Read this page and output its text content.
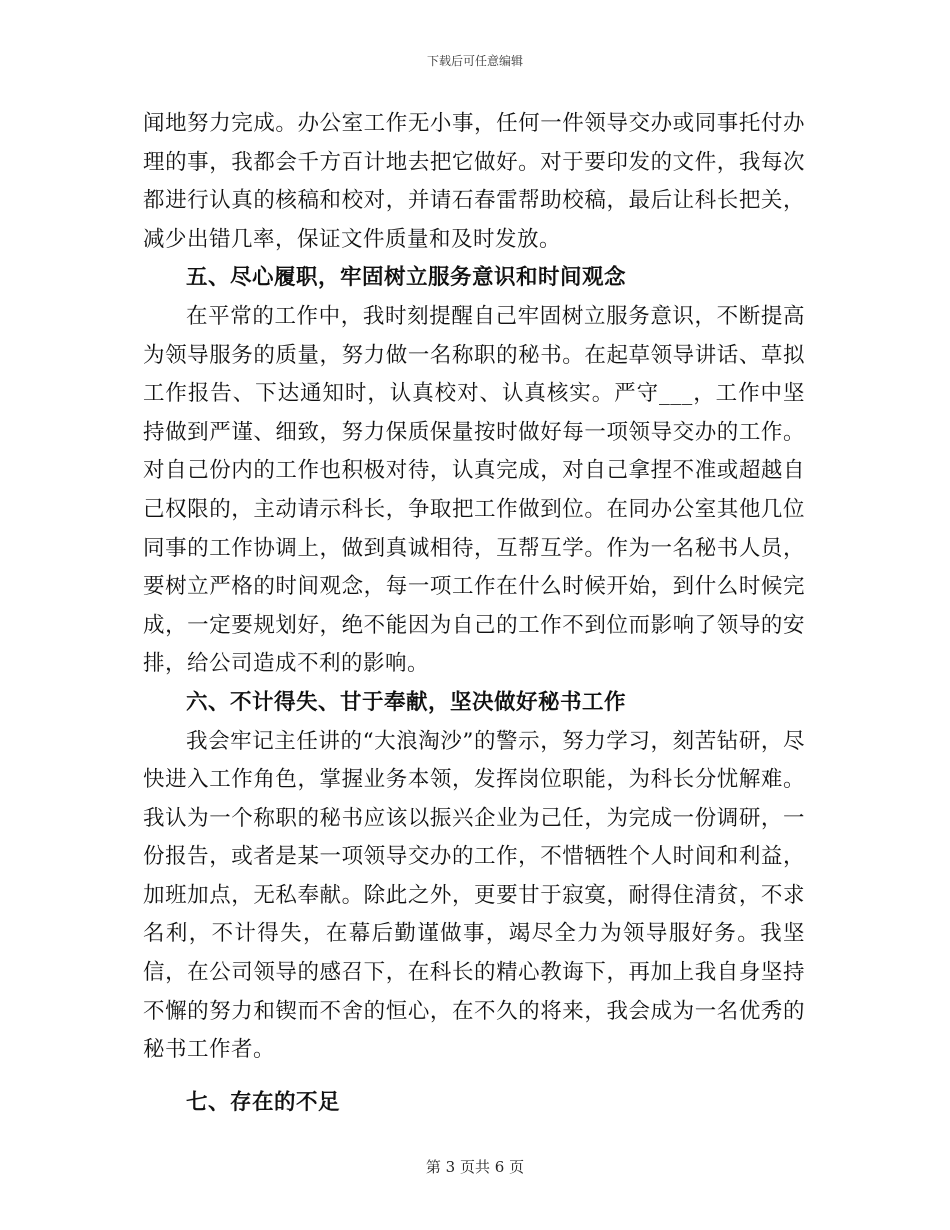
下载后可任意编辑

闻地努力完成。办公室工作无小事，任何一件领导交办或同事托付办理的事，我都会千方百计地去把它做好。对于要印发的文件，我每次都进行认真的核稿和校对，并请石春雷帮助校稿，最后让科长把关，减少出错几率，保证文件质量和及时发放。

五、尽心履职，牢固树立服务意识和时间观念

在平常的工作中，我时刻提醒自己牢固树立服务意识，不断提高为领导服务的质量，努力做一名称职的秘书。在起草领导讲话、草拟工作报告、下达通知时，认真校对、认真核实。严守___，工作中坚持做到严谨、细致，努力保质保量按时做好每一项领导交办的工作。对自己份内的工作也积极对待，认真完成，对自己拿捏不准或超越自己权限的，主动请示科长，争取把工作做到位。在同办公室其他几位同事的工作协调上，做到真诚相待，互帮互学。作为一名秘书人员，要树立严格的时间观念，每一项工作在什么时候开始，到什么时候完成，一定要规划好，绝不能因为自己的工作不到位而影响了领导的安排，给公司造成不利的影响。

六、不计得失、甘于奉献，坚决做好秘书工作

我会牢记主任讲的“大浪淘沙”的警示，努力学习，刻苦钻研，尽快进入工作角色，掌握业务本领，发挥岗位职能，为科长分忧解难。我认为一个称职的秘书应该以振兴企业为己任，为完成一份调研，一份报告，或者是某一项领导交办的工作，不惜牺牲个人时间和利益，加班加点，无私奉献。除此之外，更要甘于寂寞，耐得住清贫，不求名利，不计得失，在幕后勤谨做事，竭尽全力为领导服好务。我坚信，在公司领导的感召下，在科长的精心教诲下，再加上我自身坚持不懈的努力和锲而不舍的恒心，在不久的将来，我会成为一名优秀的秘书工作者。

七、存在的不足

第 3 页共 6 页
